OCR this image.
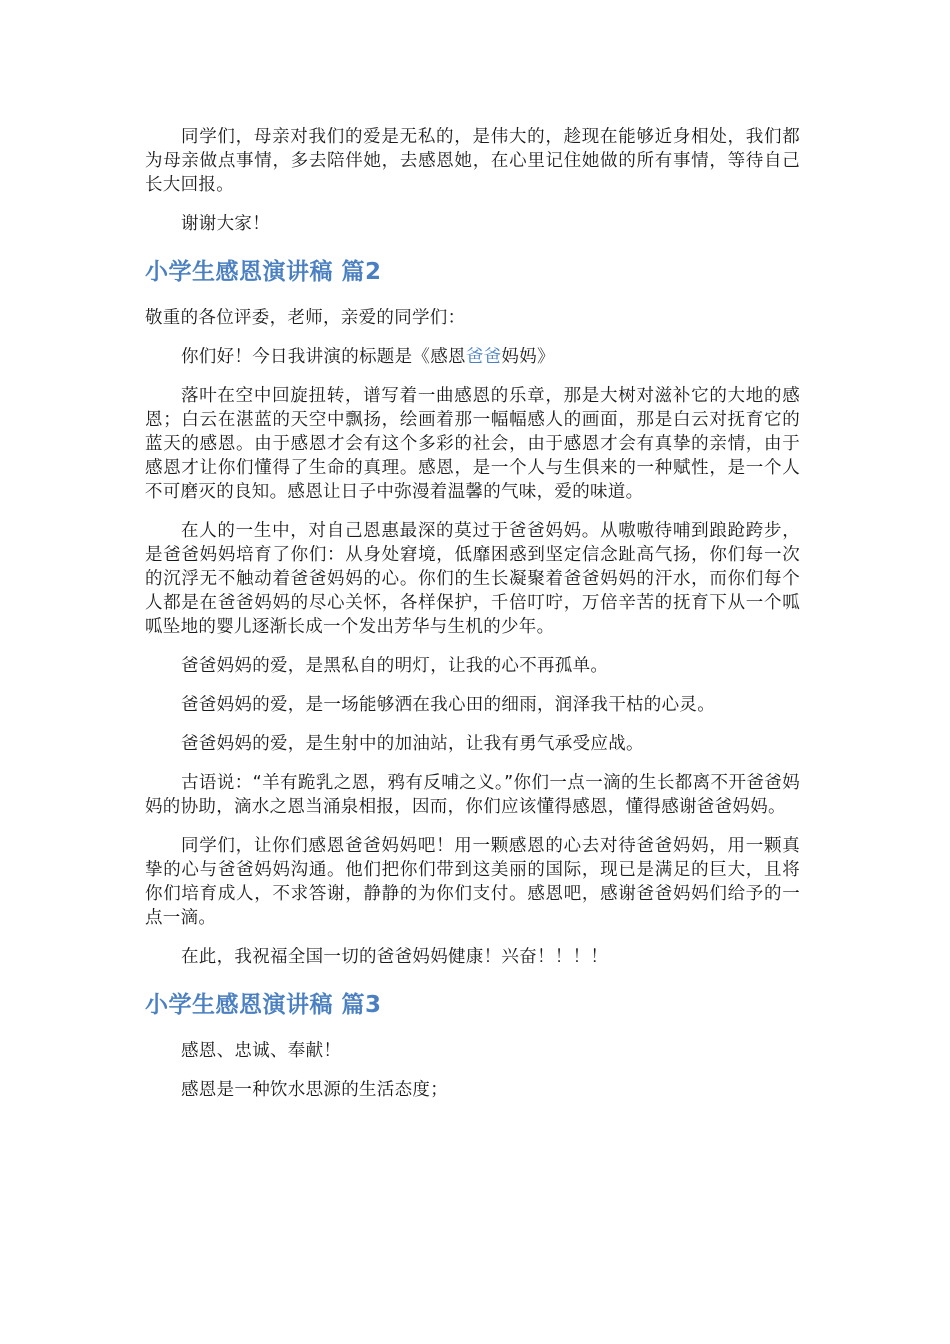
同学们，母亲对我们的爱是无私的，是伟大的，趁现在能够近身相处，我们都为母亲做点事情，多去陪伴她，去感恩她，在心里记住她做的所有事情，等待自己长大回报。

谢谢大家！

小学生感恩演讲稿 篇2

敬重的各位评委，老师，亲爱的同学们：

你们好！今日我讲演的标题是《感恩爸爸妈妈》

落叶在空中回旋扭转，谱写着一曲感恩的乐章，那是大树对滋补它的大地的感恩；白云在湛蓝的天空中飘扬，绘画着那一幅幅感人的画面，那是白云对抚育它的蓝天的感恩。由于感恩才会有这个多彩的社会，由于感恩才会有真挚的亲情，由于感恩才让你们懂得了生命的真理。感恩，是一个人与生俱来的一种赋性，是一个人不可磨灭的良知。感恩让日子中弥漫着温馨的气味，爱的味道。

在人的一生中，对自己恩惠最深的莫过于爸爸妈妈。从嗷嗷待哺到踉跄跨步，是爸爸妈妈培育了你们：从身处窘境，低靡困惑到坚定信念趾高气扬，你们每一次的沉浮无不触动着爸爸妈妈的心。你们的生长凝聚着爸爸妈妈的汗水，而你们每个人都是在爸爸妈妈的尽心关怀，各样保护，千倍叮咛，万倍辛苦的抚育下从一个呱呱坠地的婴儿逐渐长成一个发出芳华与生机的少年。

爸爸妈妈的爱，是黑私自的明灯，让我的心不再孤单。

爸爸妈妈的爱，是一场能够洒在我心田的细雨，润泽我干枯的心灵。

爸爸妈妈的爱，是生射中的加油站，让我有勇气承受应战。

古语说：“羊有跪乳之恩，鸦有反哺之义。”你们一点一滴的生长都离不开爸爸妈妈的协助，滴水之恩当涌泉相报，因而，你们应该懂得感恩，懂得感谢爸爸妈妈。

同学们，让你们感恩爸爸妈妈吧！用一颗感恩的心去对待爸爸妈妈，用一颗真挚的心与爸爸妈妈沟通。他们把你们带到这美丽的国际，现已是满足的巨大，且将你们培育成人，不求答谢，静静的为你们支付。感恩吧，感谢爸爸妈妈们给予的一点一滴。

在此，我祝福全国一切的爸爸妈妈健康！兴奋！！！！

小学生感恩演讲稿 篇3

感恩、忠诚、奉献！

感恩是一种饮水思源的生活态度；
